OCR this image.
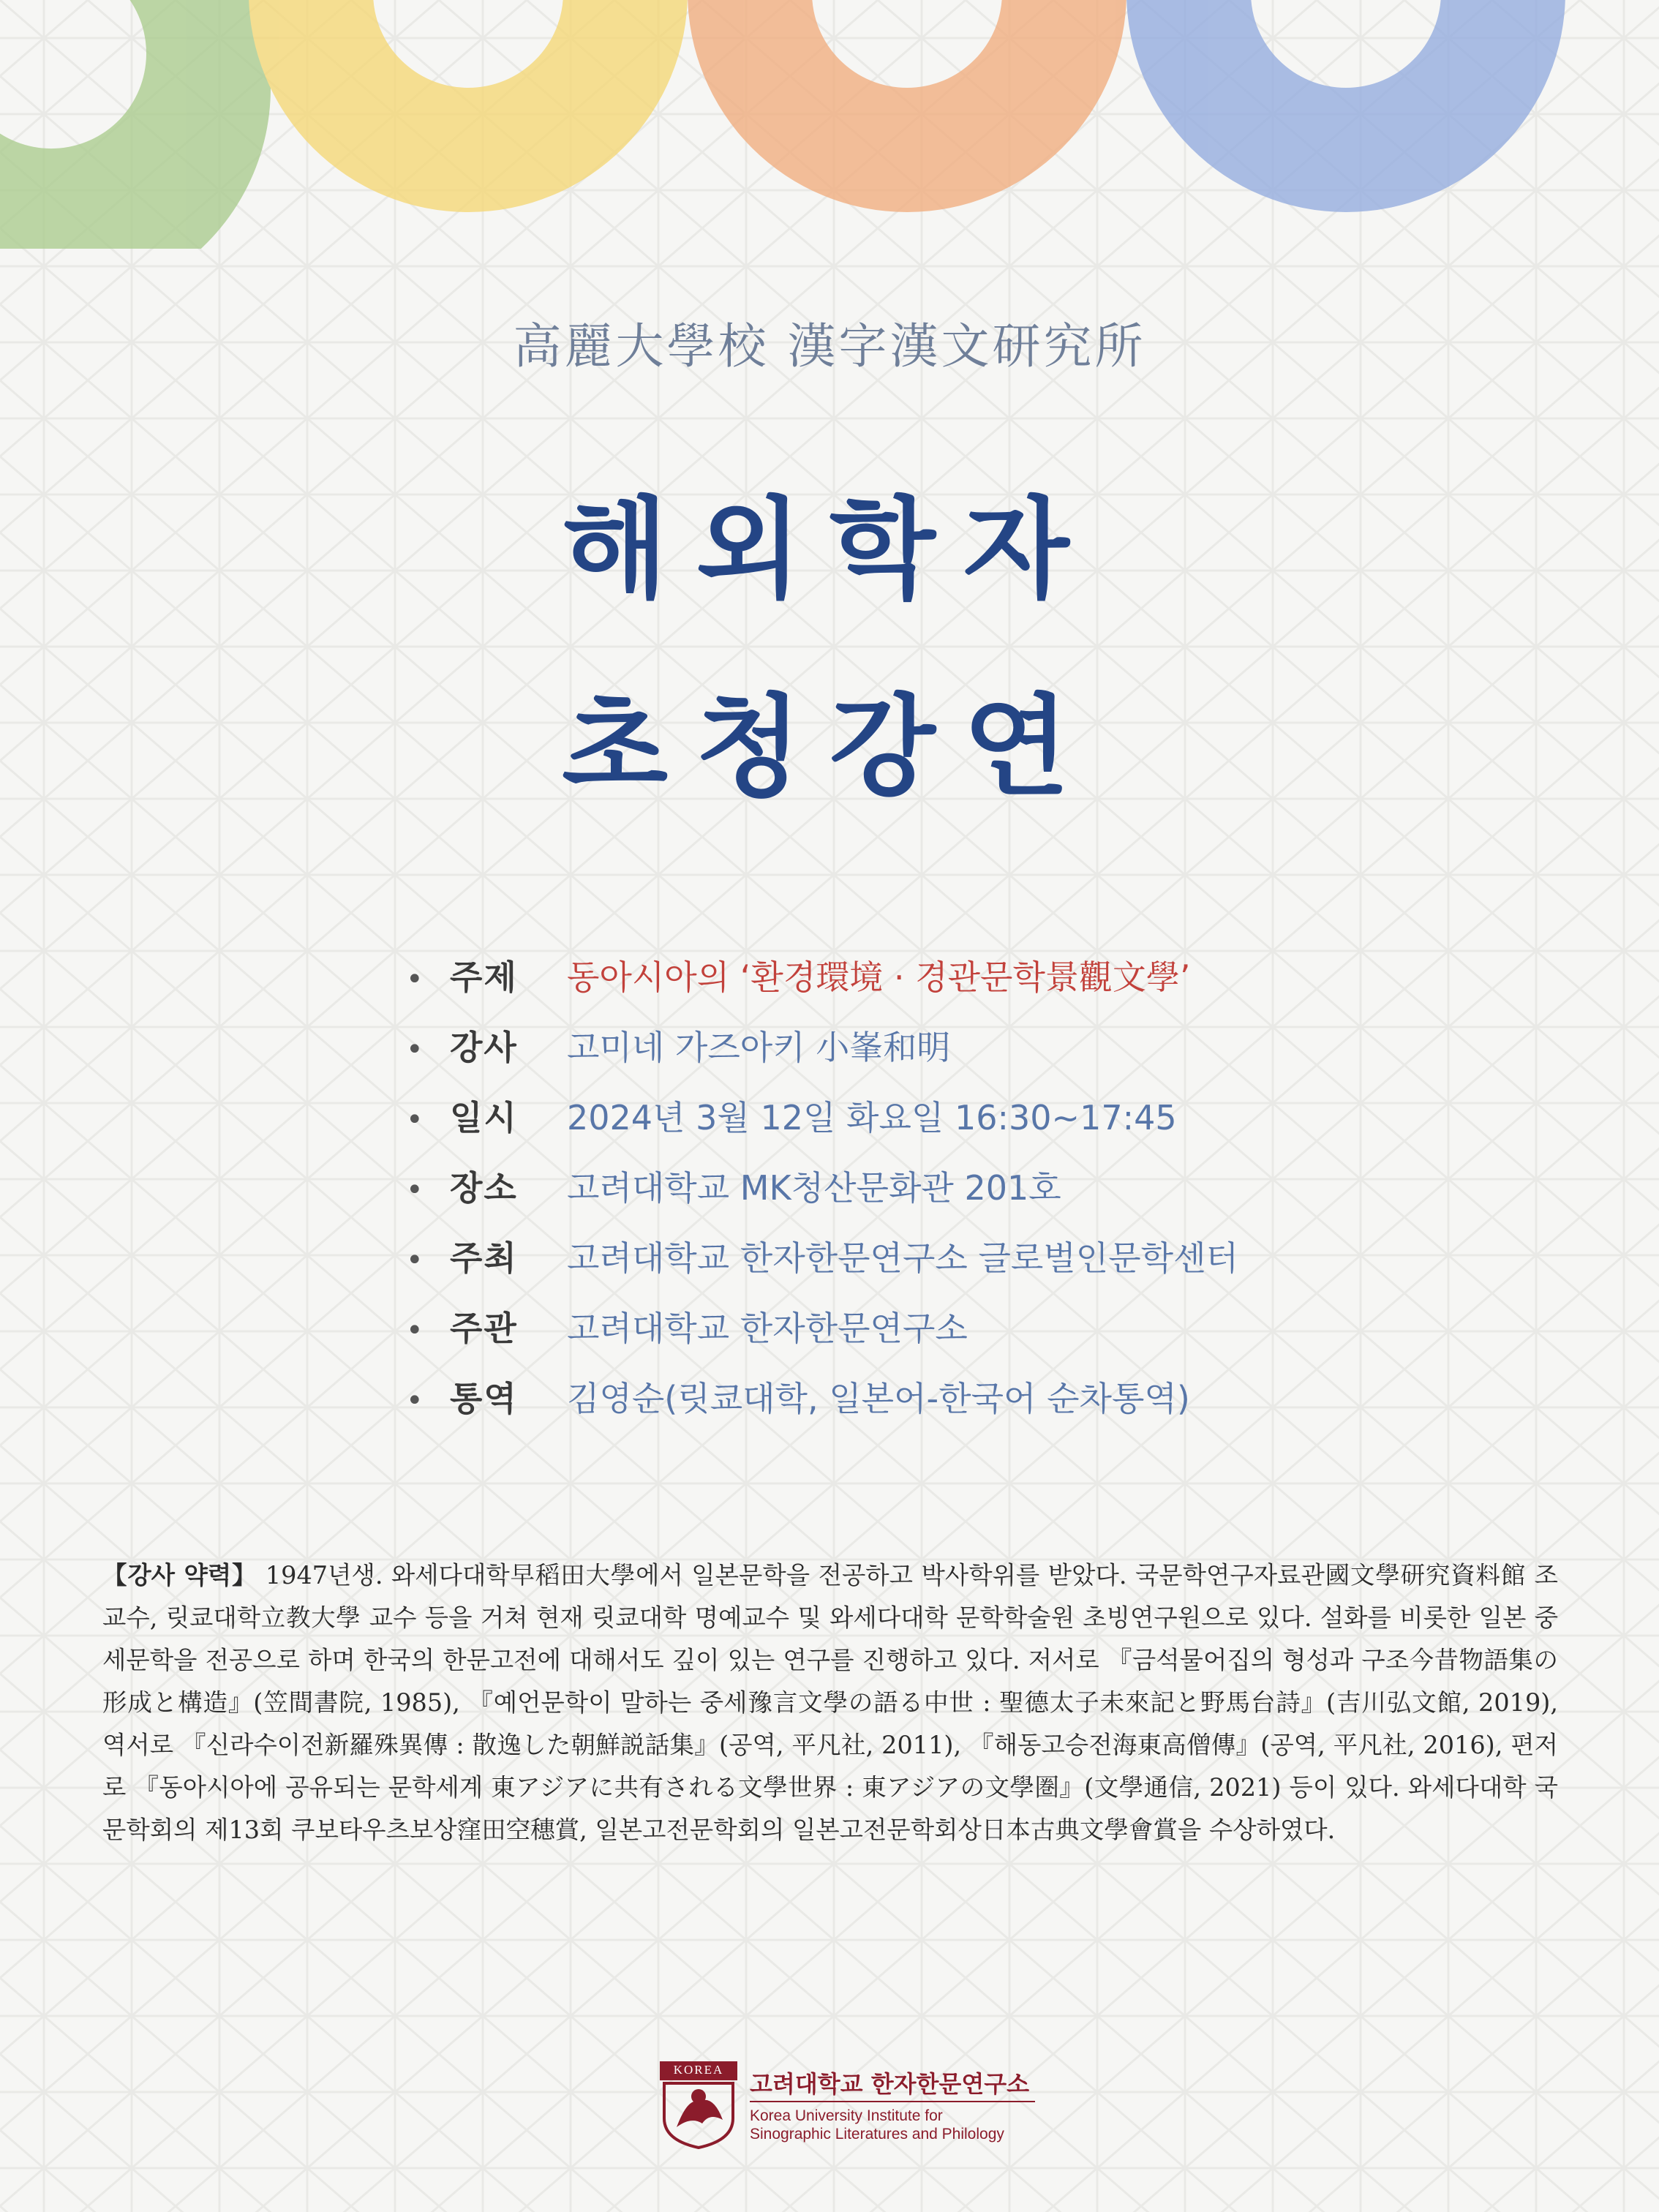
高麗大學校 漢字漢文研究所
해외학자
초청강연
• 주제	동아시아의 ‘환경環境 · 경관문학景觀文學’
• 강사	고미네 가즈아키 小峯和明
• 일시	2024년 3월 12일 화요일 16:30~17:45
• 장소	고려대학교 MK청산문화관 201호
• 주최	고려대학교 한자한문연구소 글로벌인문학센터
• 주관	고려대학교 한자한문연구소
• 통역	김영순(릿쿄대학, 일본어-한국어 순차통역)
【강사 약력】 1947년생. 와세다대학早稻田大學에서 일본문학을 전공하고 박사학위를 받았다. 국문학연구자료관國文學研究資料館 조교수, 릿쿄대학立教大學 교수 등을 거쳐 현재 릿쿄대학 명예교수 및 와세다대학 문학학술원 초빙연구원으로 있다. 설화를 비롯한 일본 중세문학을 전공으로 하며 한국의 한문고전에 대해서도 깊이 있는 연구를 진행하고 있다. 저서로 『금석물어집의 형성과 구조今昔物語集の形成と構造』(笠間書院, 1985), 『예언문학이 말하는 중세豫言文學の語る中世 : 聖德太子未來記と野馬台詩』(吉川弘文館, 2019), 역서로 『신라수이전新羅殊異傳 : 散逸した朝鮮説話集』(공역, 平凡社, 2011), 『해동고승전海東高僧傳』(공역, 平凡社, 2016), 편저로 『동아시아에 공유되는 문학세계 東アジアに共有される文學世界 : 東アジアの文學圏』(文學通信, 2021) 등이 있다. 와세다대학 국문학회의 제13회 쿠보타우츠보상窪田空穗賞, 일본고전문학회의 일본고전문학회상日本古典文學會賞을 수상하였다.
KOREA
고려대학교 한자한문연구소
Korea University Institute for
Sinographic Literatures and Philology
